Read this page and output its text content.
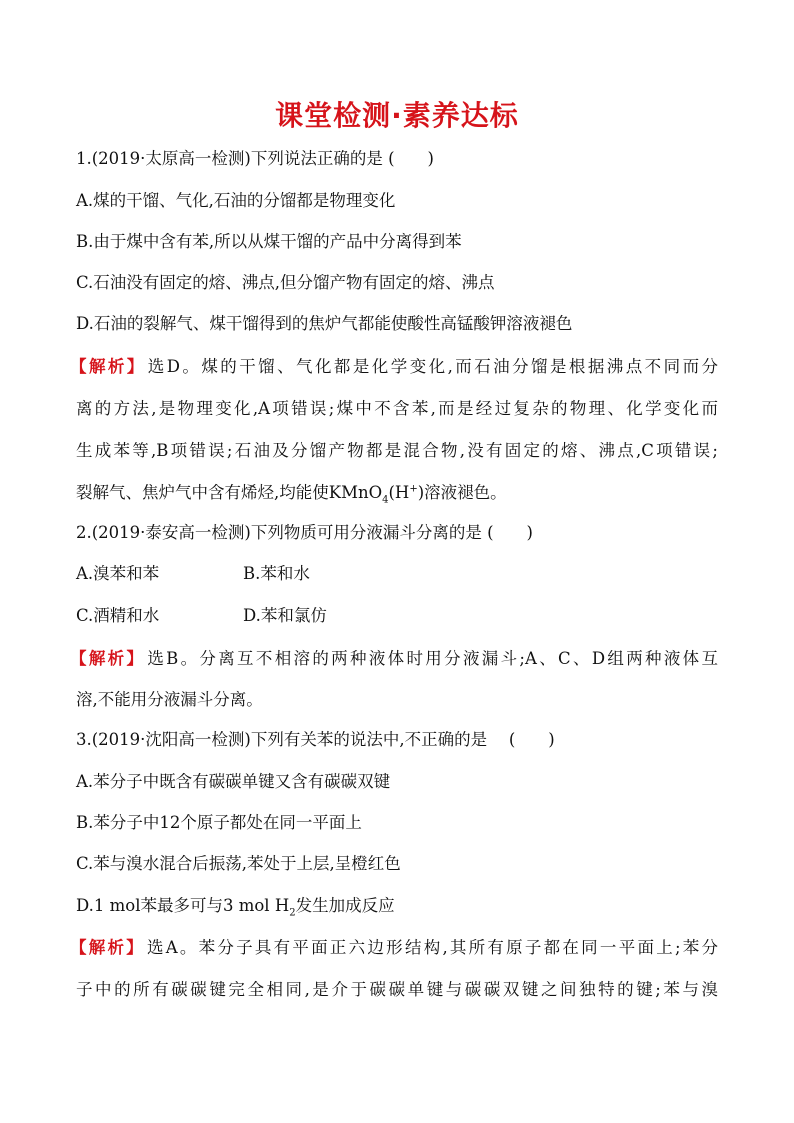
课堂检测·素养达标
1.(2019·太原高一检测)下列说法正确的是 (　　)
A.煤的干馏、气化,石油的分馏都是物理变化
B.由于煤中含有苯,所以从煤干馏的产品中分离得到苯
C.石油没有固定的熔、沸点,但分馏产物有固定的熔、沸点
D.石油的裂解气、煤干馏得到的焦炉气都能使酸性高锰酸钾溶液褪色
【解析】 选D。煤的干馏、气化都是化学变化,而石油分馏是根据沸点不同而分
离的方法,是物理变化,A项错误;煤中不含苯,而是经过复杂的物理、化学变化而
生成苯等,B项错误;石油及分馏产物都是混合物,没有固定的熔、沸点,C项错误;
裂解气、焦炉气中含有烯烃,均能使KMnO$_4$(H+)溶液褪色。
2.(2019·泰安高一检测)下列物质可用分液漏斗分离的是 (　　)
A.溴苯和苯	B.苯和水
C.酒精和水	D.苯和氯仿
【解析】 选B。分离互不相溶的两种液体时用分液漏斗;A、C、D组两种液体互
溶,不能用分液漏斗分离。
3.(2019·沈阳高一检测)下列有关苯的说法中,不正确的是　 (　　)
A.苯分子中既含有碳碳单键又含有碳碳双键
B.苯分子中12个原子都处在同一平面上
C.苯与溴水混合后振荡,苯处于上层,呈橙红色
D.1 mol苯最多可与3 mol $H_2$发生加成反应
【解析】 选A。苯分子具有平面正六边形结构,其所有原子都在同一平面上;苯分
子中的所有碳碳键完全相同,是介于碳碳单键与碳碳双键之间独特的键;苯与溴
